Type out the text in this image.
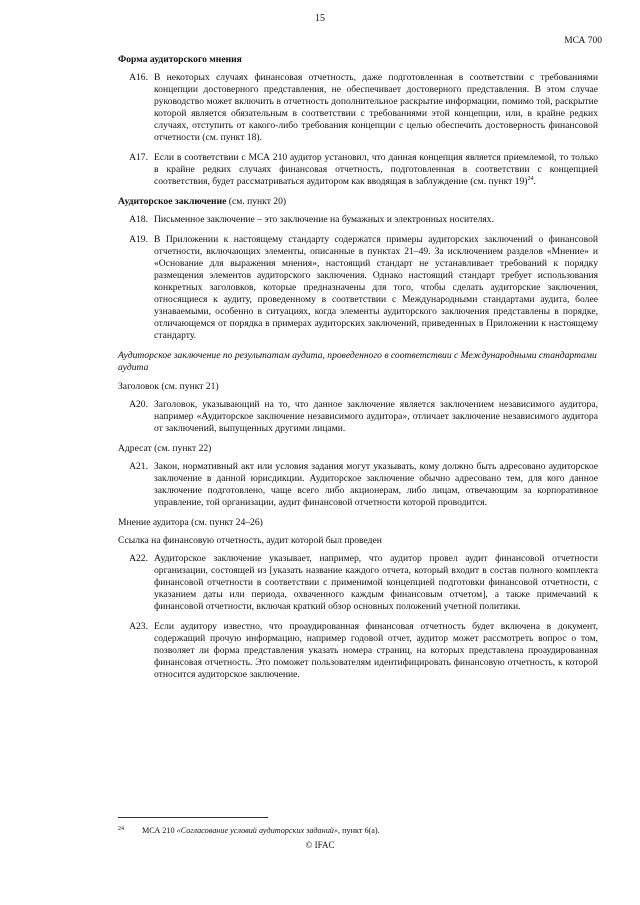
15
МСА 700
Форма аудиторского мнения
A16. В некоторых случаях финансовая отчетность, даже подготовленная в соответствии с требованиями концепции достоверного представления, не обеспечивает достоверного представления. В этом случае руководство может включить в отчетность дополнительное раскрытие информации, помимо той, раскрытие которой является обязательным в соответствии с требованиями этой концепции, или, в крайне редких случаях, отступить от какого-либо требования концепции с целью обеспечить достоверность финансовой отчетности (см. пункт 18).
A17. Если в соответствии с МСА 210 аудитор установил, что данная концепция является приемлемой, то только в крайне редких случаях финансовая отчетность, подготовленная в соответствии с концепцией соответствия, будет рассматриваться аудитором как вводящая в заблуждение (см. пункт 19)$^{24}$.
Аудиторское заключение (см. пункт 20)
A18. Письменное заключение – это заключение на бумажных и электронных носителях.
A19. В Приложении к настоящему стандарту содержатся примеры аудиторских заключений о финансовой отчетности, включающих элементы, описанные в пунктах 21–49. За исключением разделов «Мнение» и «Основание для выражения мнения», настоящий стандарт не устанавливает требований к порядку размещения элементов аудиторского заключения. Однако настоящий стандарт требует использования конкретных заголовков, которые предназначены для того, чтобы сделать аудиторские заключения, относящиеся к аудиту, проведенному в соответствии с Международными стандартами аудита, более узнаваемыми, особенно в ситуациях, когда элементы аудиторского заключения представлены в порядке, отличающемся от порядка в примерах аудиторских заключений, приведенных в Приложении к настоящему стандарту.
Аудиторское заключение по результатам аудита, проведенного в соответствии с Международными стандартами аудита
Заголовок (см. пункт 21)
A20. Заголовок, указывающий на то, что данное заключение является заключением независимого аудитора, например «Аудиторское заключение независимого аудитора», отличает заключение независимого аудитора от заключений, выпущенных другими лицами.
Адресат (см. пункт 22)
A21. Закон, нормативный акт или условия задания могут указывать, кому должно быть адресовано аудиторское заключение в данной юрисдикции. Аудиторское заключение обычно адресовано тем, для кого данное заключение подготовлено, чаще всего либо акционерам, либо лицам, отвечающим за корпоративное управление, той организации, аудит финансовой отчетности которой проводится.
Мнение аудитора (см. пункт 24–26)
Ссылка на финансовую отчетность, аудит которой был проведен
A22. Аудиторское заключение указывает, например, что аудитор провел аудит финансовой отчетности организации, состоящей из [указать название каждого отчета, который входит в состав полного комплекта финансовой отчетности в соответствии с применимой концепцией подготовки финансовой отчетности, с указанием даты или периода, охваченного каждым финансовым отчетом], а также примечаний к финансовой отчетности, включая краткий обзор основных положений учетной политики.
A23. Если аудитору известно, что проаудированная финансовая отчетность будет включена в документ, содержащий прочую информацию, например годовой отчет, аудитор может рассмотреть вопрос о том, позволяет ли форма представления указать номера страниц, на которых представлена проаудированная финансовая отчетность. Это поможет пользователям идентифицировать финансовую отчетность, к которой относится аудиторское заключение.
24	МСА 210 «Согласование условий аудиторских заданий», пункт 6(a).
© IFAC
